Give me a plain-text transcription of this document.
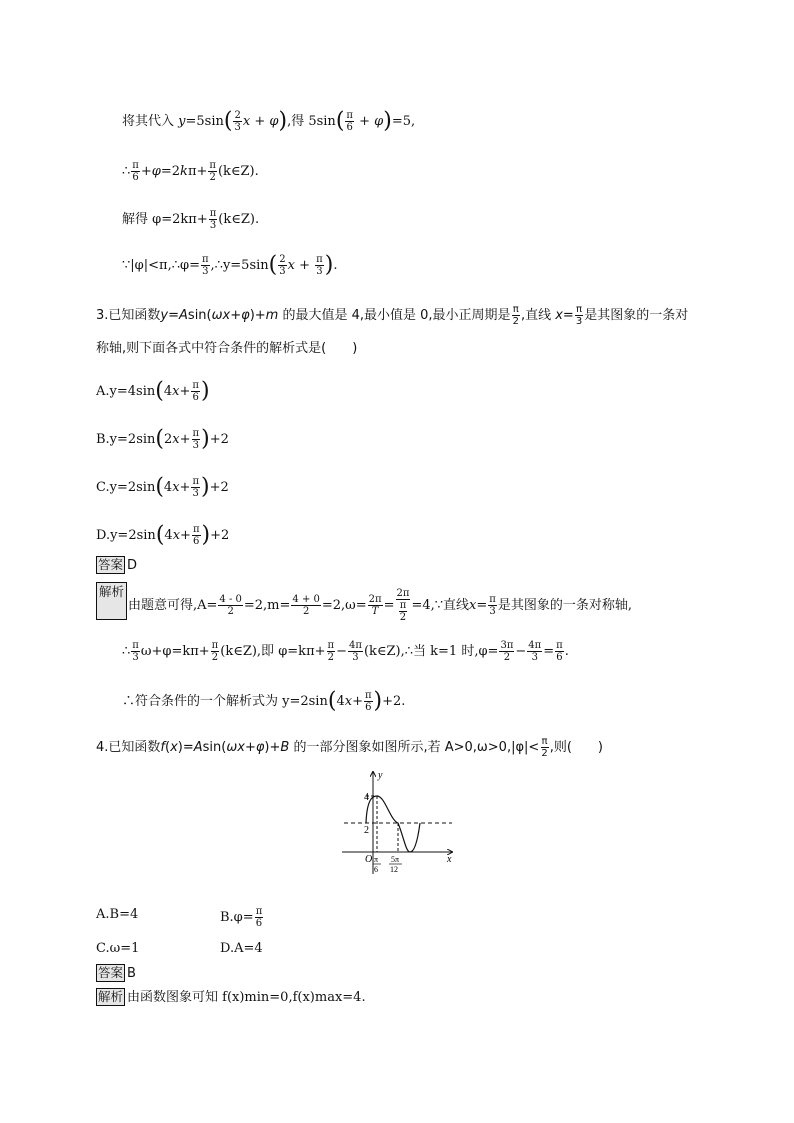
将其代入 $y=5\sin( \frac{2}{3}$ x + φ),得 $5\sin( \frac{\pi}{6} + \varphi)=5$,
∴ $\frac{\pi}{6} +\varphi=2k\pi+ \frac{\pi}{2}$ (k∈Z).
解得 $\varphi=2k\pi+ \frac{\pi}{3}$ (k∈Z).
∵|φ|<π,∴φ= $\frac{\pi}{3}$ ,∴y=5sin( $\frac{2}{3}$ $x + \frac{\pi}{3}$ ).
3.已知函数y=Asin(ωx+φ)+m 的最大值是 4,最小值是 0,最小正周期是 $\frac{\pi}{2}$ ,直线 $x= \frac{\pi}{3}$ 是其图象的一条对
称轴,则下面各式中符合条件的解析式是(　　)
$A.y=4\sin(4x+ \frac{\pi}{6}$ )
$B.y=2\sin(2x+ \frac{\pi}{3} )+2$
$C.y=2\sin(4x+ \frac{\pi}{3} )+2$
$D.y=2\sin(4x+ \frac{\pi}{6} )+2$
答案 D
解析
由题意可得$,A= \frac{4 - 0}{2} =2,m= \frac{4 + 0}{2} =2,\omega= \frac{2\pi}{T} = \frac{2\pi}{\frac{\pi}{2}}$ =4,∵直线$x= \frac{\pi}{3}$ 是其图象的一条对称轴,
∴ $\frac{\pi}{3} \omega+\varphi=k\pi+ \frac{\pi}{2}$ (k∈Z),即 $\varphi=k\pi+ \frac{\pi}{2} - \frac{4\pi}{3}$ (k∈Z),∴当 k=1 时$,\varphi= \frac{3\pi}{2} - \frac{4\pi}{3} = \frac{\pi}{6}$ .
∴符合条件的一个解析式为 $y=2\sin(4x+ \frac{\pi}{6} )+2$.
4.已知函数f(x)=Asin(ωx+φ)+B 的一部分图象如图所示,若 $A>0,\omega>0,|\varphi|< \frac{\pi}{2}$ ,则(　　)
y
x
O
4
2
π
6
5π
12
A.B=4	$B.\varphi= \frac{\pi}{6}$
C.ω=1	D.A=4
答案 B
解析 由函数图象可知 f(x)min=0,f(x)max=4.
